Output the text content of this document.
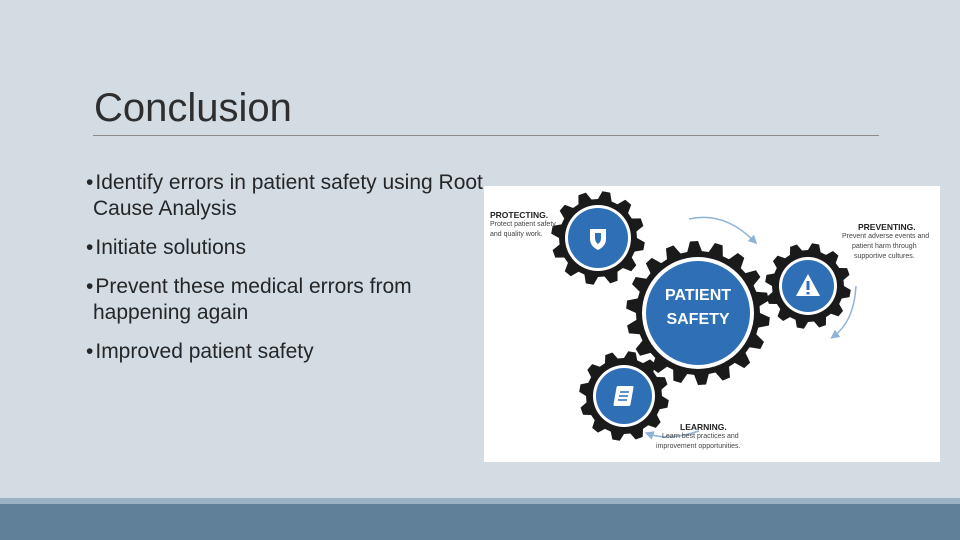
Conclusion
•Identify errors in patient safety using Root Cause Analysis
•Initiate solutions
•Prevent these medical errors from happening again
•Improved patient safety
PATIENT
SAFETY
PROTECTING.
Protect patient safety
and quality work.
PREVENTING.
Prevent adverse events and
patient harm through
supportive cultures.
LEARNING.
Learn best practices and
improvement opportunities.
